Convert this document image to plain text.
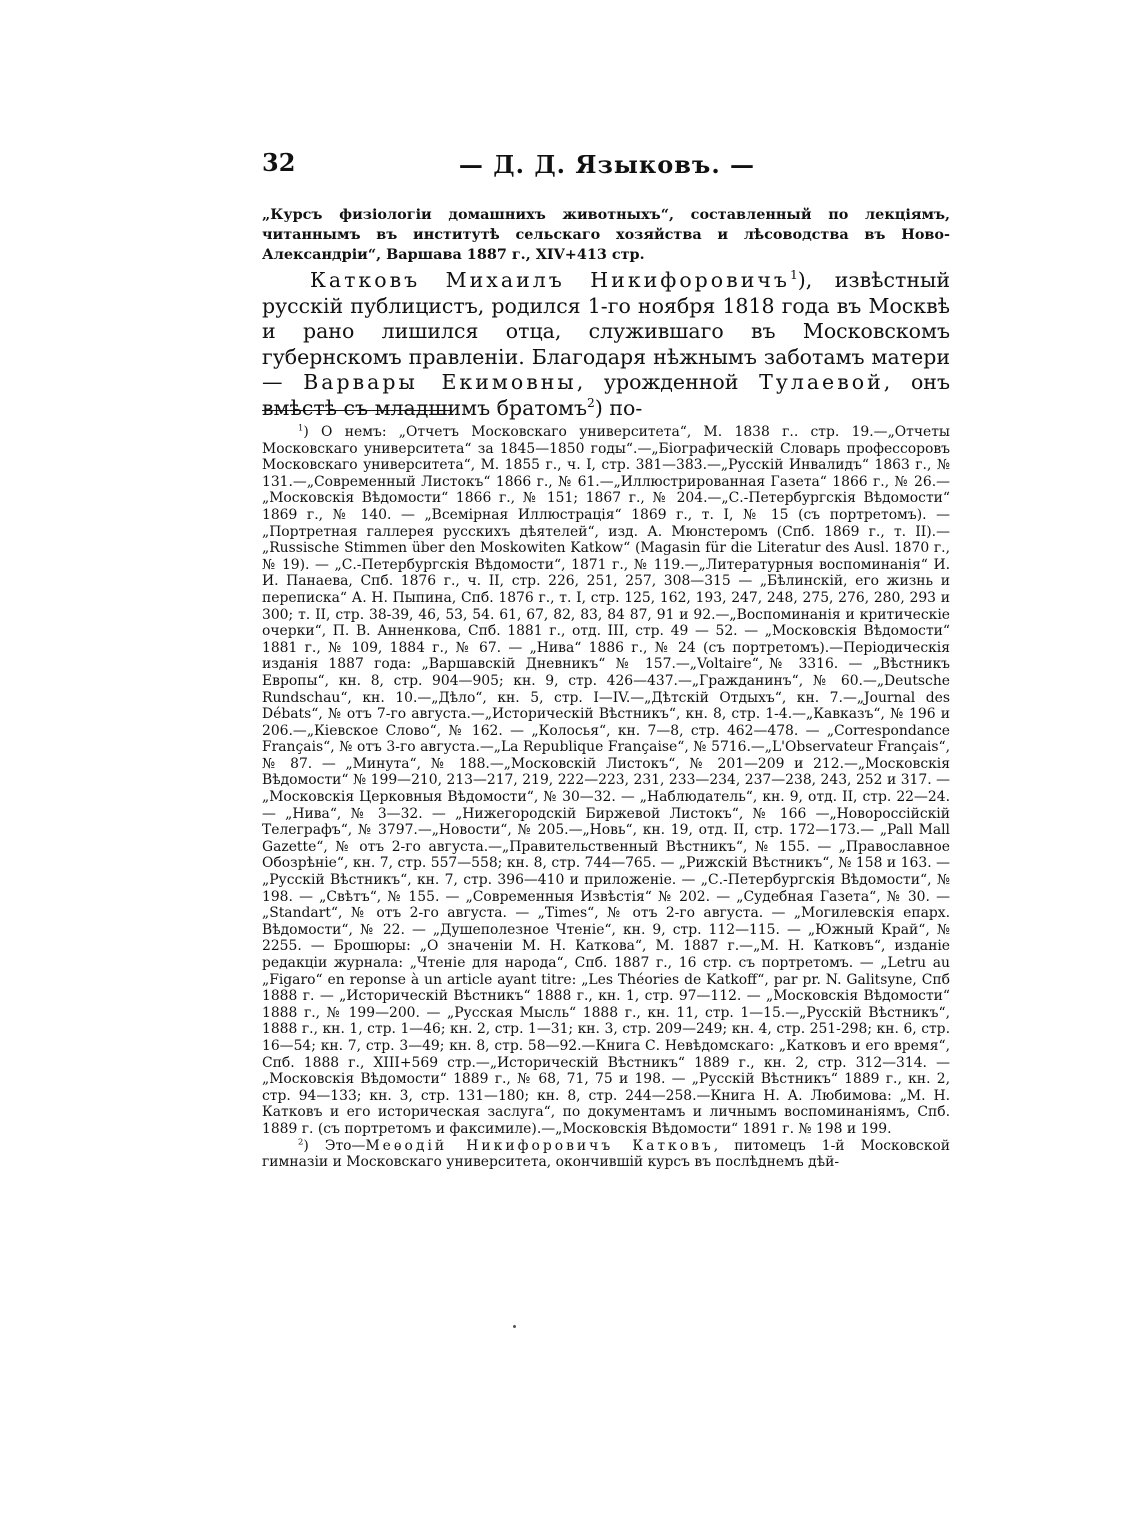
32	— Д. Д. Языковъ. —
„Курсъ физіологіи домашнихъ животныхъ“, составленный по лекціямъ, читаннымъ въ институтѣ сельскаго хозяйства и лѣсоводства въ Ново-Александріи“, Варшава 1887 г., XIV+413 стр.
Катковъ Михаилъ Никифоровичъ$^1$), извѣстный русскій публицистъ, родился 1-го ноября 1818 года въ Москвѣ и рано лишился отца, служившаго въ Московскомъ губернскомъ правленіи. Благодаря нѣжнымъ заботамъ матери — Варвары Екимовны, урожденной Тулаевой, онъ вмѣстѣ съ младшимъ братомъ$^2$) по-

$^1$) О немъ: „Отчетъ Московскаго университета“, М. 1838 г.. стр. 19.—„Отчеты Московскаго университета“ за 1845—1850 годы“.—„Біографическій Словарь профессоровъ Московскаго университета“, М. 1855 г., ч. I, стр. 381—383.—„Русскій Инвалидъ“ 1863 г., № 131.—„Современный Листокъ“ 1866 г., № 61.—„Иллюстрированная Газета“ 1866 г., № 26.—„Московскія Вѣдомости“ 1866 г., № 151; 1867 г., № 204.—„С.-Петербургскія Вѣдомости“ 1869 г., № 140. — „Всемірная Иллюстрація“ 1869 г., т. I, № 15 (съ портретомъ). — „Портретная галлерея русскихъ дѣятелей“, изд. А. Мюнстеромъ (Спб. 1869 г., т. II).—„Russische Stimmen über den Moskowiten Katkow“ (Magasin für die Literatur des Ausl. 1870 г., № 19). — „С.-Петербургскія Вѣдомости“, 1871 г., № 119.—„Литературныя воспоминанія“ И. И. Панаева, Спб. 1876 г., ч. II, стр. 226, 251, 257, 308—315 — „Бѣлинскій, его жизнь и переписка“ А. Н. Пыпина, Спб. 1876 г., т. I, стр. 125, 162, 193, 247, 248, 275, 276, 280, 293 и 300; т. II, стр. 38-39, 46, 53, 54. 61, 67, 82, 83, 84 87, 91 и 92.—„Воспоминанія и критическіе очерки“, П. В. Анненкова, Спб. 1881 г., отд. III, стр. 49 — 52. — „Московскія Вѣдомости“ 1881 г., № 109, 1884 г., № 67. — „Нива“ 1886 г., № 24 (съ портретомъ).—Періодическія изданія 1887 года: „Варшавскій Дневникъ“ № 157.—„Voltaire“,№ 3316. — „Вѣстникъ Европы“, кн. 8, стр. 904—905; кн. 9, стр. 426—437.—„Гражданинъ“, № 60.—„Deutsche Rundschau“, кн. 10.—„Дѣло“, кн. 5, стр. I—IV.—„Дѣтскій Отдыхъ“, кн. 7.—„Journal des Débats“, № отъ 7-го августа.—„Историческій Вѣстникъ“, кн. 8, стр. 1-4.—„Кавказъ“, № 196 и 206.—„Кіевское Слово“, № 162. — „Колосья“, кн. 7—8, стр. 462—478. — „Correspondance Français“, № отъ 3-го августа.—„La Republique Française“, № 5716.—„L'Observateur Français“, № 87. — „Минута“, № 188.—„Московскій Листокъ“, № 201—209 и 212.—„Московскія Вѣдомости“ № 199—210, 213—217, 219, 222—223, 231, 233—234, 237—238, 243, 252 и 317. — „Московскія Церковныя Вѣдомости“, № 30—32. — „Наблюдатель“, кн. 9, отд. II, стр. 22—24. — „Нива“, № 3—32. — „Нижегородскій Биржевой Листокъ“, № 166 —„Новороссійскій Телеграфъ“, № 3797.—„Новости“, № 205.—„Новь“, кн. 19, отд. II, стр. 172—173.— „Pall Mall Gazette“, № отъ 2-го августа.—„Правительственный Вѣстникъ“, № 155. — „Православное Обозрѣніе“, кн. 7, стр. 557—558; кн. 8, стр. 744—765. — „Рижскій Вѣстникъ“, № 158 и 163. — „Русскій Вѣстникъ“, кн. 7, стр. 396—410 и приложеніе. — „С.-Петербургскія Вѣдомости“, № 198. — „Свѣтъ“, № 155. — „Современныя Извѣстія“ № 202. — „Судебная Газета“, № 30. — „Standart“, № отъ 2-го августа. — „Times“, № отъ 2-го августа. — „Могилевскія епарх. Вѣдомости“, № 22. — „Душеполезное Чтеніе“, кн. 9, стр. 112—115. — „Южный Край“, № 2255. — Брошюры: „О значеніи М. Н. Каткова“, М. 1887 г.—„М. Н. Катковъ“, изданіе редакціи журнала: „Чтеніе для народа“, Спб. 1887 г., 16 стр. съ портретомъ. — „Letru au „Figaro“ en reponse à un article ayant titre: „Les Théories de Katkoff“, par pr. N. Galitsyne, Спб 1888 г. — „Историческій Вѣстникъ“ 1888 г., кн. 1, стр. 97—112. — „Московскія Вѣдомости“ 1888 г., № 199—200. — „Русская Мысль“ 1888 г., кн. 11, стр. 1—15.—„Русскій Вѣстникъ“, 1888 г., кн. 1, стр. 1—46; кн. 2, стр. 1—31; кн. 3, стр. 209—249; кн. 4, стр. 251-298; кн. 6, стр. 16—54; кн. 7, стр. 3—49; кн. 8, стр. 58—92.—Книга С. Невѣдомскаго: „Катковъ и его время“, Спб. 1888 г., XIII+569 стр.—„Историческій Вѣстникъ“ 1889 г., кн. 2, стр. 312—314. — „Московскія Вѣдомости“ 1889 г., № 68, 71, 75 и 198. — „Русскій Вѣстникъ“ 1889 г., кн. 2, стр. 94—133; кн. 3, стр. 131—180; кн. 8, стр. 244—258.—Книга Н. А. Любимова: „М. Н. Катковъ и его историческая заслуга“, по документамъ и личнымъ воспоминаніямъ, Спб. 1889 г. (съ портретомъ и факсимиле).—„Московскія Вѣдомости“ 1891 г. № 198 и 199.

$^2$) Это—Меѳодій Никифоровичъ Катковъ, питомецъ 1-й Московской гимназіи и Московскаго университета, окончившій курсъ въ послѣднемъ дѣй-
